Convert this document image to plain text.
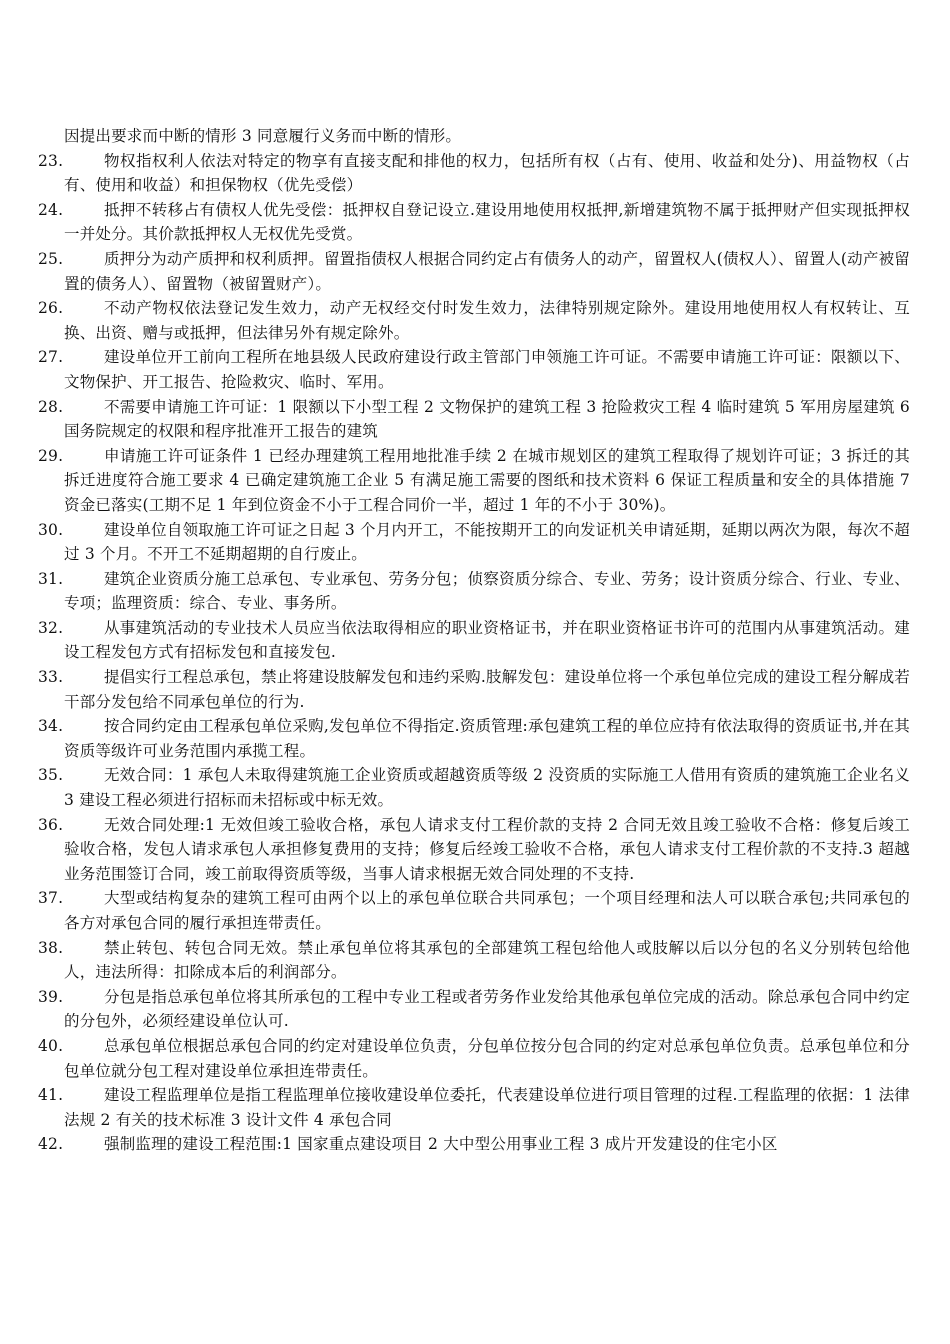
因提出要求而中断的情形 3 同意履行义务而中断的情形。
23.	物权指权利人依法对特定的物享有直接支配和排他的权力，包括所有权（占有、使用、收益和处分)、用益物权（占有、使用和收益）和担保物权（优先受偿）
24.	抵押不转移占有债权人优先受偿：抵押权自登记设立.建设用地使用权抵押,新增建筑物不属于抵押财产但实现抵押权一并处分。其价款抵押权人无权优先受赏。
25.	质押分为动产质押和权利质押。留置指债权人根据合同约定占有债务人的动产，留置权人(债权人）、留置人(动产被留置的债务人）、留置物（被留置财产）。
26.	不动产物权依法登记发生效力，动产无权经交付时发生效力，法律特别规定除外。建设用地使用权人有权转让、互换、出资、赠与或抵押，但法律另外有规定除外。
27.	建设单位开工前向工程所在地县级人民政府建设行政主管部门申领施工许可证。不需要申请施工许可证：限额以下、文物保护、开工报告、抢险救灾、临时、军用。
28.	不需要申请施工许可证：1 限额以下小型工程 2 文物保护的建筑工程 3 抢险救灾工程 4 临时建筑 5 军用房屋建筑 6 国务院规定的权限和程序批准开工报告的建筑
29.	申请施工许可证条件 1 已经办理建筑工程用地批准手续 2 在城市规划区的建筑工程取得了规划许可证；3 拆迁的其拆迁进度符合施工要求 4 已确定建筑施工企业 5 有满足施工需要的图纸和技术资料 6 保证工程质量和安全的具体措施 7 资金已落实(工期不足 1 年到位资金不小于工程合同价一半，超过 1 年的不小于 30%)。
30.	建设单位自领取施工许可证之日起 3 个月内开工，不能按期开工的向发证机关申请延期，延期以两次为限，每次不超过 3 个月。不开工不延期超期的自行废止。
31.	建筑企业资质分施工总承包、专业承包、劳务分包；侦察资质分综合、专业、劳务；设计资质分综合、行业、专业、专项；监理资质：综合、专业、事务所。
32.	从事建筑活动的专业技术人员应当依法取得相应的职业资格证书，并在职业资格证书许可的范围内从事建筑活动。建设工程发包方式有招标发包和直接发包.
33.	提倡实行工程总承包，禁止将建设肢解发包和违约采购.肢解发包：建设单位将一个承包单位完成的建设工程分解成若干部分发包给不同承包单位的行为.
34.	按合同约定由工程承包单位采购,发包单位不得指定.资质管理:承包建筑工程的单位应持有依法取得的资质证书,并在其资质等级许可业务范围内承揽工程。
35.	无效合同：1 承包人未取得建筑施工企业资质或超越资质等级 2 没资质的实际施工人借用有资质的建筑施工企业名义 3 建设工程必须进行招标而未招标或中标无效。
36.	无效合同处理:1 无效但竣工验收合格，承包人请求支付工程价款的支持 2 合同无效且竣工验收不合格：修复后竣工验收合格，发包人请求承包人承担修复费用的支持；修复后经竣工验收不合格，承包人请求支付工程价款的不支持.3 超越业务范围签订合同，竣工前取得资质等级，当事人请求根据无效合同处理的不支持.
37.	大型或结构复杂的建筑工程可由两个以上的承包单位联合共同承包；一个项目经理和法人可以联合承包;共同承包的各方对承包合同的履行承担连带责任。
38.	禁止转包、转包合同无效。禁止承包单位将其承包的全部建筑工程包给他人或肢解以后以分包的名义分别转包给他人，违法所得：扣除成本后的利润部分。
39.	分包是指总承包单位将其所承包的工程中专业工程或者劳务作业发给其他承包单位完成的活动。除总承包合同中约定的分包外，必须经建设单位认可.
40.	总承包单位根据总承包合同的约定对建设单位负责，分包单位按分包合同的约定对总承包单位负责。总承包单位和分包单位就分包工程对建设单位承担连带责任。
41.	建设工程监理单位是指工程监理单位接收建设单位委托，代表建设单位进行项目管理的过程.工程监理的依据：1 法律法规 2 有关的技术标准 3 设计文件 4 承包合同
42.	强制监理的建设工程范围:1 国家重点建设项目 2 大中型公用事业工程 3 成片开发建设的住宅小区
